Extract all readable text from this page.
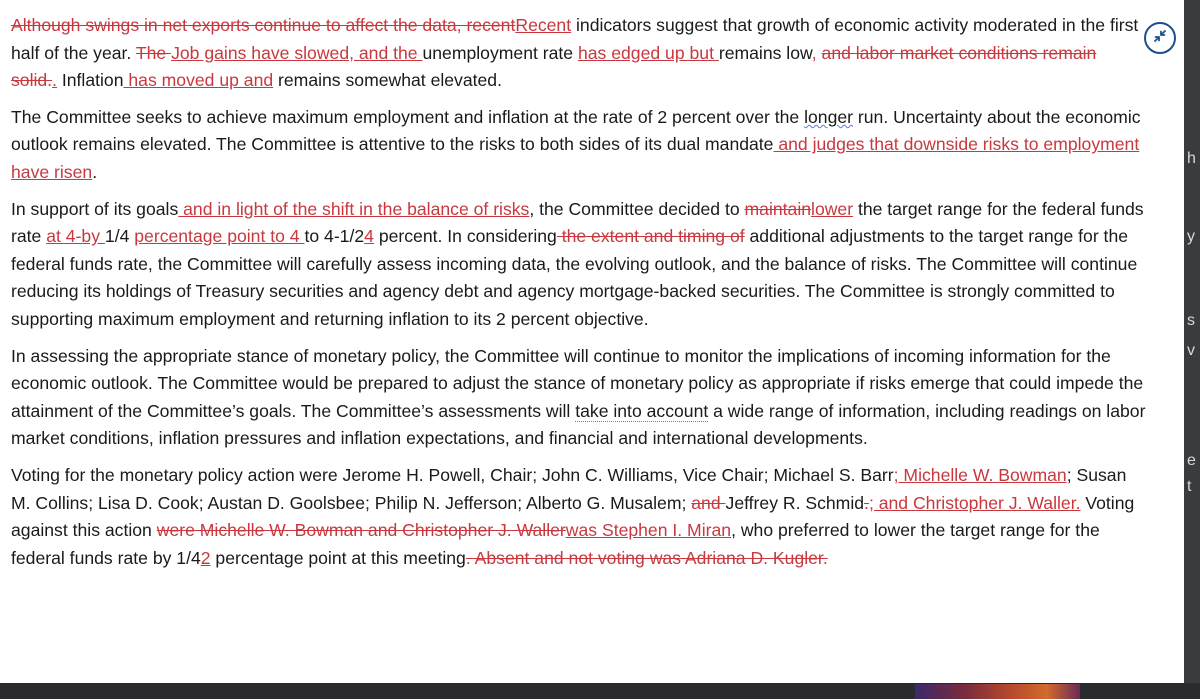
h
y
s
v
e
t

Although swings in net exports continue to affect the data, recentRecent indicators suggest that growth of economic activity moderated in the first half of the year. The Job gains have slowed, and the unemployment rate has edged up but remains low, and labor market conditions remain solid.. Inflation has moved up and remains somewhat elevated.

The Committee seeks to achieve maximum employment and inflation at the rate of 2 percent over the longer run. Uncertainty about the economic outlook remains elevated. The Committee is attentive to the risks to both sides of its dual mandate and judges that downside risks to employment have risen.

In support of its goals and in light of the shift in the balance of risks, the Committee decided to maintainlower the target range for the federal funds rate at 4-by 1/4 percentage point to 4 to 4-1/24 percent. In considering the extent and timing of additional adjustments to the target range for the federal funds rate, the Committee will carefully assess incoming data, the evolving outlook, and the balance of risks. The Committee will continue reducing its holdings of Treasury securities and agency debt and agency mortgage-backed securities. The Committee is strongly committed to supporting maximum employment and returning inflation to its 2 percent objective.

In assessing the appropriate stance of monetary policy, the Committee will continue to monitor the implications of incoming information for the economic outlook. The Committee would be prepared to adjust the stance of monetary policy as appropriate if risks emerge that could impede the attainment of the Committee’s goals. The Committee’s assessments will take into account a wide range of information, including readings on labor market conditions, inflation pressures and inflation expectations, and financial and international developments.

Voting for the monetary policy action were Jerome H. Powell, Chair; John C. Williams, Vice Chair; Michael S. Barr; Michelle W. Bowman; Susan M. Collins; Lisa D. Cook; Austan D. Goolsbee; Philip N. Jefferson; Alberto G. Musalem; and Jeffrey R. Schmid.; and Christopher J. Waller. Voting against this action were Michelle W. Bowman and Christopher J. Wallerwas Stephen I. Miran, who preferred to lower the target range for the federal funds rate by 1/42 percentage point at this meeting. Absent and not voting was Adriana D. Kugler.
